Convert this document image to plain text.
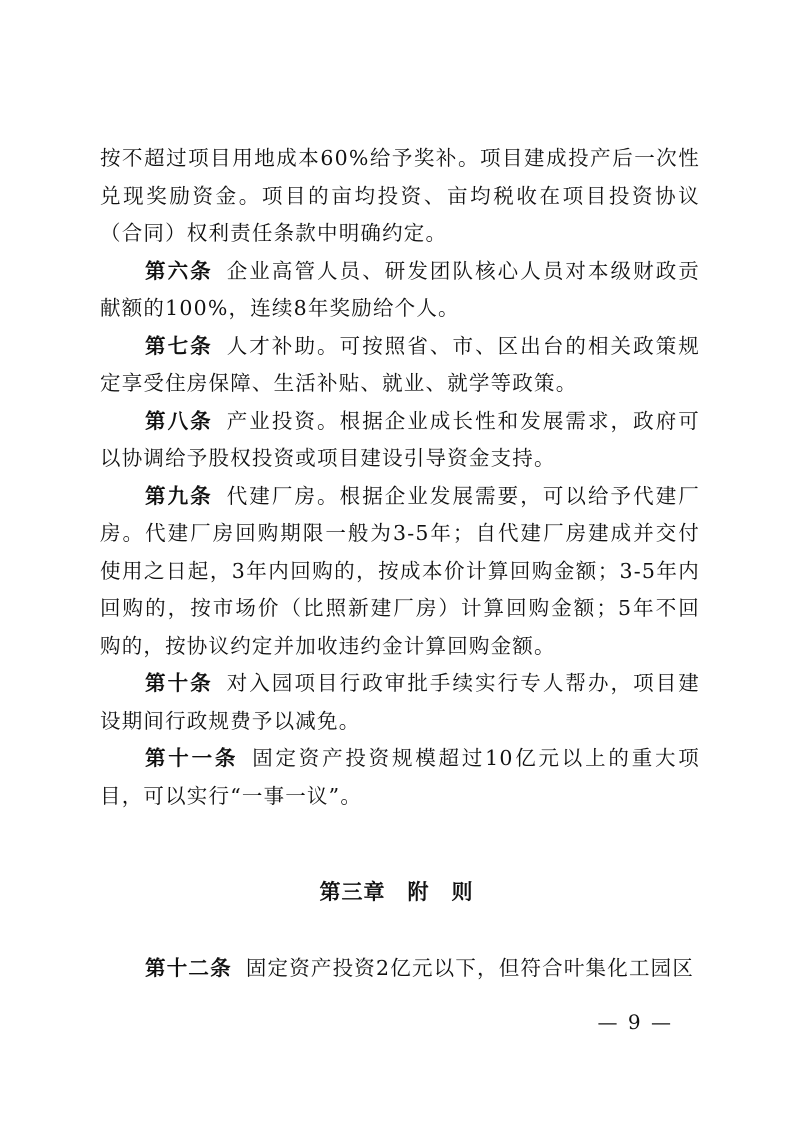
按不超过项目用地成本60%给予奖补。项目建成投产后一次性兑现奖励资金。项目的亩均投资、亩均税收在项目投资协议（合同）权利责任条款中明确约定。

第六条 企业高管人员、研发团队核心人员对本级财政贡献额的100%，连续8年奖励给个人。

第七条 人才补助。可按照省、市、区出台的相关政策规定享受住房保障、生活补贴、就业、就学等政策。

第八条 产业投资。根据企业成长性和发展需求，政府可以协调给予股权投资或项目建设引导资金支持。

第九条 代建厂房。根据企业发展需要，可以给予代建厂房。代建厂房回购期限一般为3-5年；自代建厂房建成并交付使用之日起，3年内回购的，按成本价计算回购金额；3-5年内回购的，按市场价（比照新建厂房）计算回购金额；5年不回购的，按协议约定并加收违约金计算回购金额。

第十条 对入园项目行政审批手续实行专人帮办，项目建设期间行政规费予以减免。

第十一条 固定资产投资规模超过10亿元以上的重大项目，可以实行“一事一议”。

第三章 附 则

第十二条 固定资产投资2亿元以下，但符合叶集化工园区

— 9 —
